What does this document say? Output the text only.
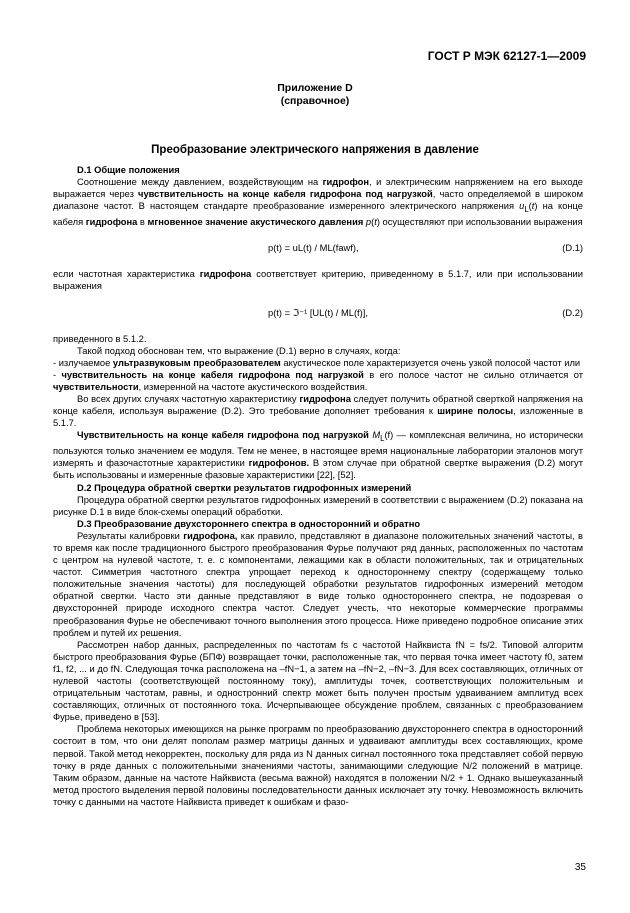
ГОСТ Р МЭК 62127-1—2009
Приложение D
(справочное)
Преобразование электрического напряжения в давление
D.1 Общие положения

Соотношение между давлением, воздействующим на гидрофон, и электрическим напряжением на его выходе выражается через чувствительность на конце кабеля гидрофона под нагрузкой, часто определяемой в широком диапазоне частот. В настоящем стандарте преобразование измеренного электрического напряжения $u_L(t)$ на конце кабеля гидрофона в мгновенное значение акустического давления p(t) осуществляют при использовании выражения

p(t) = uL(t) / ML(fawf),	(D.1)

если частотная характеристика гидрофона соответствует критерию, приведенному в 5.1.7, или при использовании выражения

p(t) = ℑ⁻¹ [UL(t) / ML(f)],	(D.2)

приведенного в 5.1.2.

Такой подход обоснован тем, что выражение (D.1) верно в случаях, когда:

- излучаемое ультразвуковым преобразователем акустическое поле характеризуется очень узкой полосой частот или

- чувствительность на конце кабеля гидрофона под нагрузкой в его полосе частот не сильно отличается от чувствительности, измеренной на частоте акустического воздействия.

Во всех других случаях частотную характеристику гидрофона следует получить обратной сверткой напряжения на конце кабеля, используя выражение (D.2). Это требование дополняет требования к ширине полосы, изложенные в 5.1.7.

Чувствительность на конце кабеля гидрофона под нагрузкой $M_L(f)$ — комплексная величина, но исторически пользуются только значением ее модуля. Тем не менее, в настоящее время национальные лаборатории эталонов могут измерять и фазочастотные характеристики гидрофонов. В этом случае при обратной свертке выражения (D.2) могут быть использованы и измеренные фазовые характеристики [22], [52].

D.2 Процедура обратной свертки результатов гидрофонных измерений

Процедура обратной свертки результатов гидрофонных измерений в соответствии с выражением (D.2) показана на рисунке D.1 в виде блок-схемы операций обработки.

D.3 Преобразование двухстороннего спектра в односторонний и обратно

Результаты калибровки гидрофона, как правило, представляют в диапазоне положительных значений частоты, в то время как после традиционного быстрого преобразования Фурье получают ряд данных, расположенных по частотам с центром на нулевой частоте, т. е. с компонентами, лежащими как в области положительных, так и отрицательных частот. Симметрия частотного спектра упрощает переход к одностороннему спектру (содержащему только положительные значения частоты) для последующей обработки результатов гидрофонных измерений методом обратной свертки. Часто эти данные представляют в виде только одностороннего спектра, не подозревая о двухсторонней природе исходного спектра частот. Следует учесть, что некоторые коммерческие программы преобразования Фурье не обеспечивают точного выполнения этого процесса. Ниже приведено подробное описание этих проблем и путей их решения.

Рассмотрен набор данных, распределенных по частотам fs с частотой Найквиста fN = fs/2. Типовой алгоритм быстрого преобразования Фурье (БПФ) возвращает точки, расположенные так, что первая точка имеет частоту f0, затем f1, f2, ... и до fN. Следующая точка расположена на –fN−1, а затем на –fN−2, –fN−3. Для всех составляющих, отличных от нулевой частоты (соответствующей постоянному току), амплитуды точек, соответствующих положительным и отрицательным частотам, равны, и одностронний спектр может быть получен простым удваиванием амплитуд всех составляющих, отличных от постоянного тока. Исчерпывающее обсуждение проблем, связанных с преобразованием Фурье, приведено в [53].

Проблема некоторых имеющихся на рынке программ по преобразованию двухстороннего спектра в односторонний состоит в том, что они делят пополам размер матрицы данных и удваивают амплитуды всех составляющих, кроме первой. Такой метод некорректен, поскольку для ряда из N данных сигнал постоянного тока представляет собой первую точку в ряде данных с положительными значениями частоты, занимающими следующие N/2 положений в матрице. Таким образом, данные на частоте Найквиста (весьма важной) находятся в положении N/2 + 1. Однако вышеуказанный метод простого выделения первой половины последовательности данных исключает эту точку. Невозможность включить точку с данными на частоте Найквиста приведет к ошибкам и фазо-

35
